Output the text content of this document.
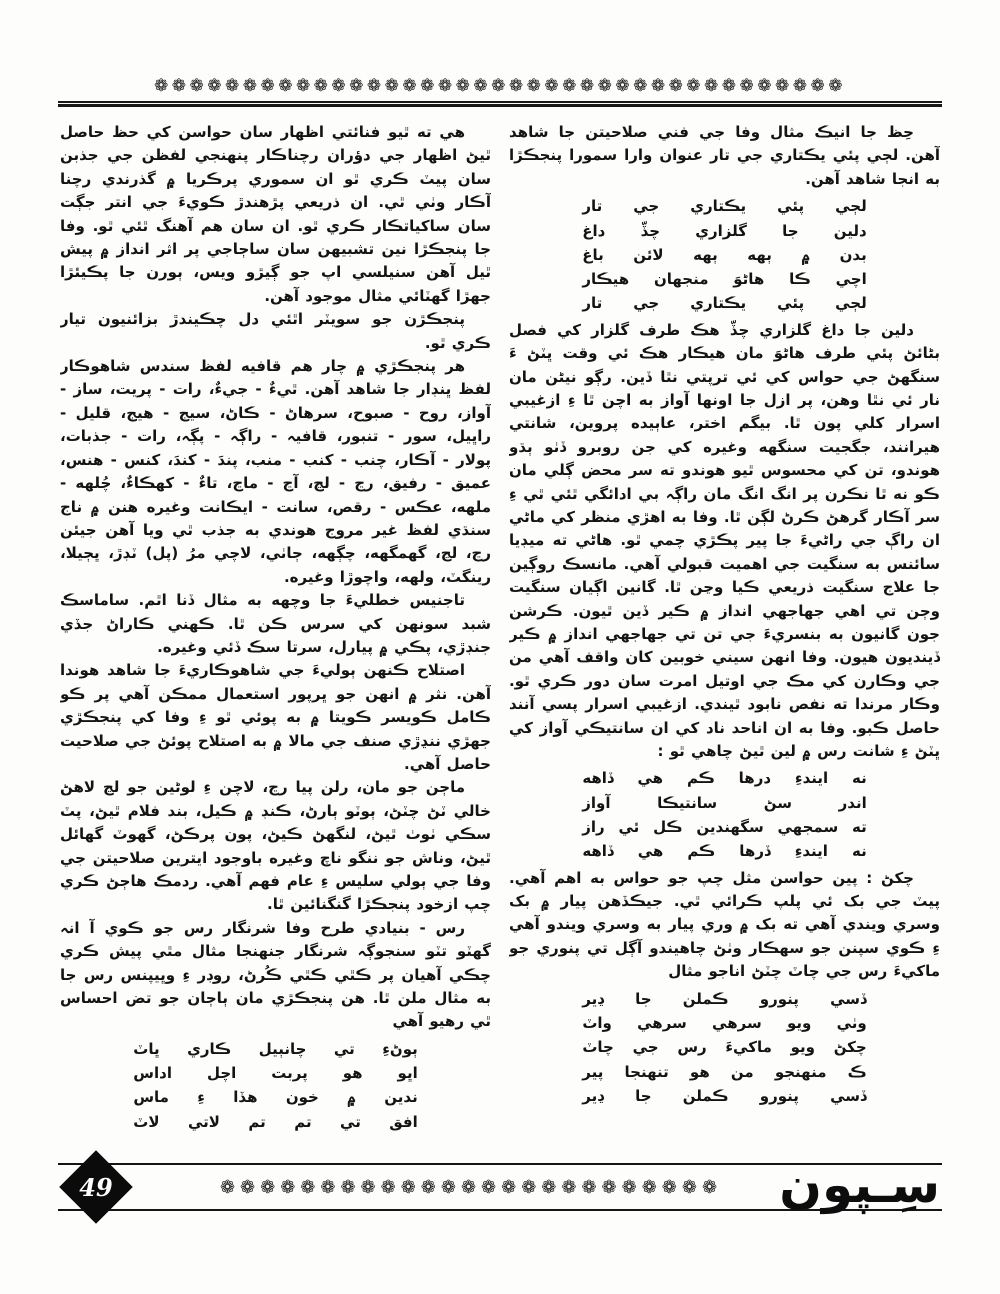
❁❁❁❁❁❁❁❁❁❁❁❁❁❁❁❁❁❁❁❁❁❁❁❁❁❁❁❁❁❁❁❁❁❁❁❁❁❁❁

حِظ جا انيڪ مثال وفا جي فني صلاحيتن جا شاهد آهن. لڄي پئي يڪتاري جي تار عنوان وارا سمورا پنجڪڙا به انجا شاهد آهن.

لڄي
پئي
يڪتاري
جي
تار
دلين
جا
گلزاري
چڏّ
داغ
بدن
۾
ٻهه
ٻهه
لائن
باغ
اچي
ڪا
هاڻوَ
منجهان
هيڪار
لڄي
پئي
يڪتاري
جي
تار

دلين جا داغ گلزاري چڏّ هڪ طرف گلزار کي فصل بڻائڻ پئي طرف هاڻوَ مان هيڪار هڪ ئي وقت ڀٽڻ ءَ سنگهڻ جي حواس کي ئي ترپتي نٿا ڏين. رڳو نيڻن مان نار ئي نٿا وهن، پر ازل جا اونها آواز به اچن ٿا ءِ ازغيبي اسرار کلي پون ٿا. بيگم اختر، عاٻيده پروين، شانتي هيرانند، جگجيت سنگهه وغيره کي جن روبرو ڏٺو ٻڌو هوندو، تن کي محسوس ٿيو هوندو ته سر محض ڳلي مان ڪو نه ٿا نڪرن پر انگ انگ مان راڳہ بي ادائگي ٿئي ٿي ءِ سر آڪار گرهڻ ڪرڻ لڳن ٿا. وفا به اهڙي منظر کي ماڻي ان راڳ جي راڻيءَ جا پير پڪڙي چمي ٿو. هاڻي ته ميڊيا سائنس به سنگيت جي اهميت قبولي آهي. مانسڪ روڳين جا علاج سنگيت ذريعي ڪيا وڃن ٿا. گانين اڳيان سنگيت وڄن تي اهي جهاجهي انداز ۾ ڪير ڏين ٿيون. ڪرشن جون گانيون به بنسريءَ جي تن تي جهاجهي انداز ۾ ڪير ڏينديون هيون. وفا انهن سيني خوبين کان واقف آهي من جي وڪارن کي مڪ جي اوتيل امرت سان دور ڪري ٿو. وڪار مرندا ته نفص نابود ٿيندي. ازغيبي اسرار پسي آنند حاصل ڪبو. وفا به ان اناحد ناد کي ان سانتيڪي آواز کي ڀٽڻ ءِ شانت رس ۾ لين ٿيڻ چاهي ٿو :

نه
ايندءِ
درها
ڪم
هي
ڏاهه
اندر
سڻ
سانتيڪا
آواز
ته
سمجهي
سگهندين
ڪل
ئي
راز
نه
ايندءِ
ڏرها
ڪم
هي
ڏاهه

چکڻ : پين حواسن مثل چپ جو حواس به اهم آهي. پيٽ جي بک ئي پلپ ڪرائي ٿي. جيڪڏهن پيار ۾ بک وسري ويندي آهي ته بک ۾ وري پيار به وسري ويندو آهي ءِ ڪوي سپنن جو سهڪار وٺڻ چاهيندو آڳل تي پنوري جو ماکيءَ رس جي چاٽ چٽڻ اناجو مثال

ڏسي
پنورو
ڪملن
جا
ڍير
وٺي
ويو
سرهي
سرهي
واٽ
چکڻ
ويو
ماکيءَ
رس
جي
چاٽ
ڪ
منهنجو
من
هو
تنهنجا
پير
ڏسي
پنورو
ڪملن
جا
ڍير

هي ته ٿيو فنائتي اظهار سان حواسن کي حظ حاصل ٿيڻ اظهار جي دؤران رچناڪار پنهنجي لفظن جي جذبن سان پيٽ ڪري ٿو ان سموري پرڪريا ۾ گذرندي رچنا آڪار وٺي ٿي. ان ذريعي پڙهندڙ ڪويءَ جي انتر جڳت سان ساکياتڪار ڪري ٿو. ان سان هم آهنگ ٿئي ٿو. وفا جا پنجڪڙا نين تشبيهن سان ساڄاجي پر اثر انداز ۾ پيش ٿيل آهن سنيلسي اپ جو ڳيڙو ويس، ٻورن جا پڪيئڙا جهڙا گهٽائي مثال موجود آهن.

پنجڪڙن جو سويٽر اٿئي دل چڪيندڙ بزائنيون تيار ڪري ٿو.

هر پنجڪڙي ۾ چار هم قافيه لفظ سندس شاهوڪار لفظ ڀنڊار جا شاهد آهن. ٿيءٌ - جيءٌ، رات - پريت، ساز - آواز، روح - صبوح، سرهاڻ - ڪاڻ، سيج - هيج، قليل - راڀيل، سور - تنبور، قافيہ - راڳہ - پڳہ، رات - جذبات، پولار - آڪار، چنب - کنب - منب، پندَ - کندَ، کنس - هنس، عميق - رفيق، رڃ - لڃ، آڃ - ماڃ، تاءٌ - کهڪاءٌ، چُلهه - ملهه، عڪس - رقص، سانت - ايڪانت وغيره هنن ۾ ناج سنڌي لفظ غير مروج هوندي به جذب ٿي ويا آهن جيئن رڃ، لڃ، گهمگهه، چڳهه، ڄاٺي، لاچي مرُ (پل) ٽڊڙ، ڀڄيلا، رينگٽ، ولهه، واچوڙا وغيره.

تاجنيس خطليءَ جا وچهه به مثال ڏنا اٿم. ساماسڪ شبد سونهن کي سرس ڪن ٿا. ڪهني ڪاراڻ جڏي جنڊڙي، پڪي ۾ پيارل، سرتا سڪ ڏئي وغيره.

اصتلاح ڪنهن ٻوليءَ جي شاهوڪاريءَ جا شاهد هوندا آهن. نثر ۾ انهن جو ڀرپور استعمال ممڪن آهي پر ڪو ڪامل ڪويسر ڪويتا ۾ به پوئي ٿو ءِ وفا کي پنجڪڙي جهڙي ننڍڙي صنف جي مالا ۾ به اصتلاح پوئڻ جي صلاحيت حاصل آهي.

ماڄن جو مان، رلن پيا رڃ، لاچن ءِ لوڻين جو لڃ لاهڻ خالي ٽڻ چٽڻ، ٻوٽو ٻارڻ، ڪنڊ ۾ ڪيل، بند فلام ٿيڻ، پٽ سڪي ٺوٺ ٿيڻ، لنگهڻ ڪيڻ، پون پرڪڻ، گهوٽ گهائل ٿيڻ، وناش جو ننگو ناچ وغيره باوجود ايترين صلاحيتن جي وفا جي ٻولي سليس ءِ عام فهم آهي. ردمڪ هاڄڻ ڪري چپ ازخود پنجڪڙا گنگنائين ٿا.

رس - بنيادي طرح وفا شرنگار رس جو ڪوي آ انہ گهٽو تٽو سنجوڳہ شرنگار جنهنجا مثال مٿي پيش ڪري چڪي آهيان پر ڪٿي ڪٿي ڪُرڻ، روڊر ءِ وڀيپنس رس جا به مثال ملن ٿا. هن پنجڪڙي مان ٻاڄان جو تض احساس ٿي رهيو آهي

ٻوڻءِ
تي
چانٻيل
ڪاري
ڀاٽ
اڀو
هو
پربت
اچل
اداس
ندين
۾
خون
هڏا
ءِ
ماس
افق
تي
تم
تم
لاتي
لاٽ
49	❁❁❁❁❁❁❁❁❁❁❁❁❁❁❁❁❁❁❁❁❁❁❁❁❁	سِـپون
